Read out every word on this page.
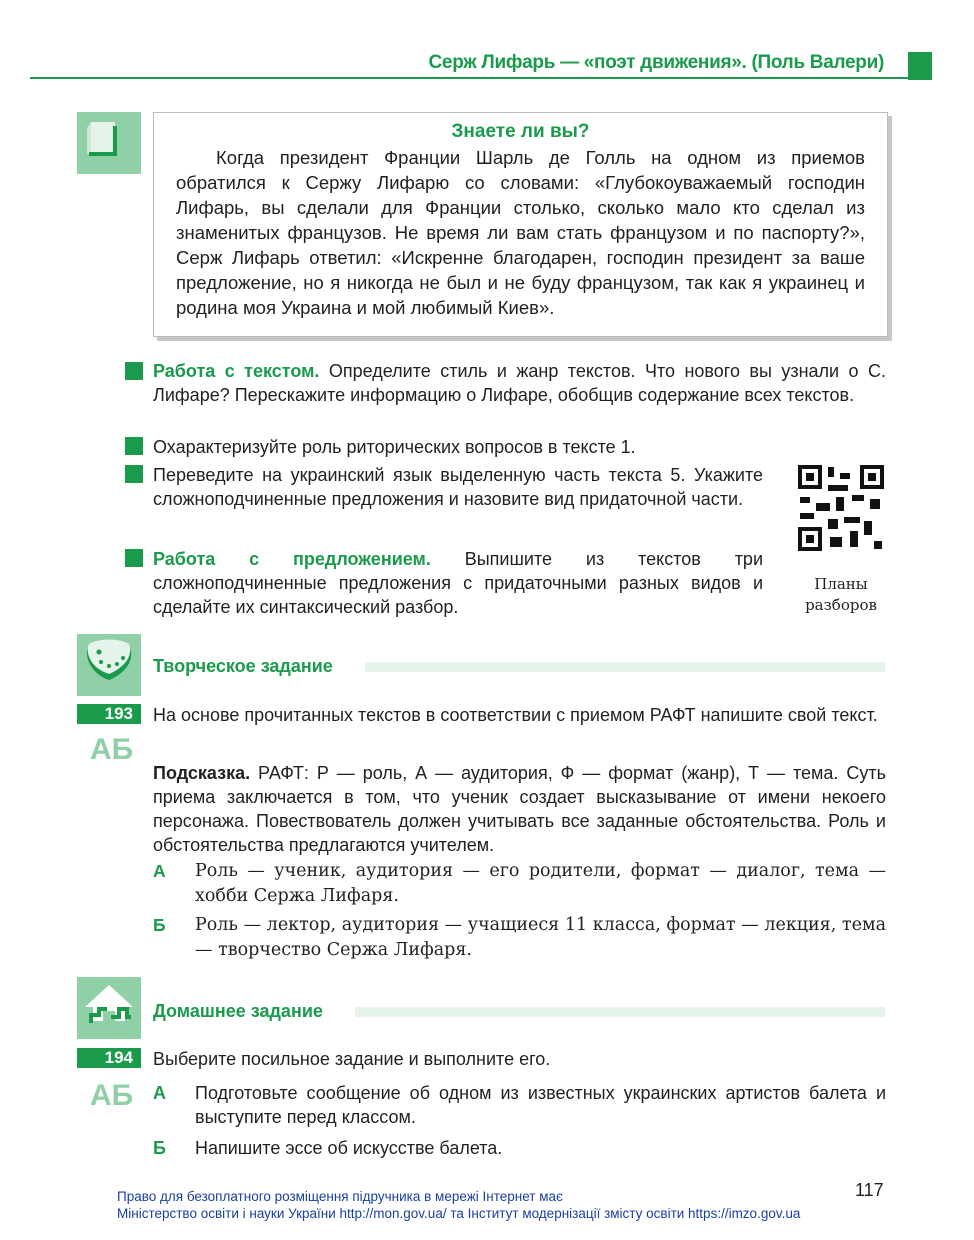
Серж Лифарь — «поэт движения». (Поль Валери)
Знаете ли вы?

Когда президент Франции Шарль де Голль на одном из приемов обратился к Сержу Лифарю со словами: «Глубокоуважаемый господин Лифарь, вы сделали для Франции столько, сколько мало кто сделал из знаменитых французов. Не время ли вам стать французом и по паспорту?», Серж Лифарь ответил: «Искренне благодарен, господин президент за ваше предложение, но я никогда не был и не буду французом, так как я украинец и родина моя Украина и мой любимый Киев».

Работа с текстом. Определите стиль и жанр текстов. Что нового вы узнали о С. Лифаре? Перескажите информацию о Лифаре, обобщив содержание всех текстов.
Охарактеризуйте роль риторических вопросов в тексте 1.
Переведите на украинский язык выделенную часть текста 5. Укажите сложноподчиненные предложения и назовите вид придаточной части.
Работа с предложением. Выпишите из текстов три сложноподчиненные предложения с придаточными разных видов и сделайте их синтаксический разбор.
Планы разборов
Творческое задание
193
АБ
На основе прочитанных текстов в соответствии с приемом РАФТ напишите свой текст.
Подсказка. РАФТ: Р — роль, А — аудитория, Ф — формат (жанр), Т — тема. Суть приема заключается в том, что ученик создает высказывание от имени некоего персонажа. Повествователь должен учитывать все заданные обстоятельства. Роль и обстоятельства предлагаются учителем.
А	Роль — ученик, аудитория — его родители, формат — диалог, тема — хобби Сержа Лифаря.
Б	Роль — лектор, аудитория — учащиеся 11 класса, формат — лекция, тема — творчество Сержа Лифаря.
Домашнее задание
194
АБ
Выберите посильное задание и выполните его.
А	Подготовьте сообщение об одном из известных украинских артистов балета и выступите перед классом.
Б	Напишите эссе об искусстве балета.
117
Право для безоплатного розміщення підручника в мережі Інтернет має
Міністерство освіти і науки України http://mon.gov.ua/ та Інститут модернізації змісту освіти https://imzo.gov.ua
